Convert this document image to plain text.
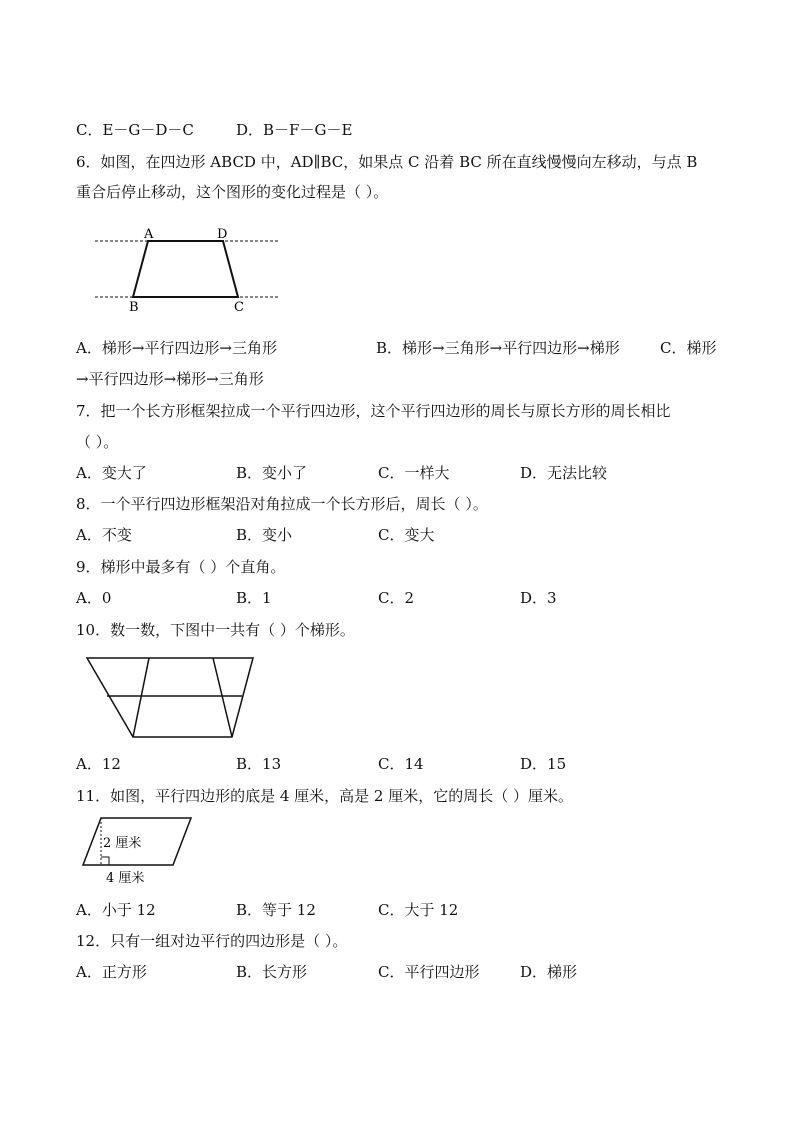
C．E－G－D－C	D．B－F－G－E
6．如图，在四边形 ABCD 中，AD∥BC，如果点 C 沿着 BC 所在直线慢慢向左移动，与点 B
重合后停止移动，这个图形的变化过程是（ ）。
A	D
B	C
A．梯形→平行四边形→三角形	B．梯形→三角形→平行四边形→梯形	C．梯形
→平行四边形→梯形→三角形
7．把一个长方形框架拉成一个平行四边形，这个平行四边形的周长与原长方形的周长相比
（ ）。
A．变大了	B．变小了	C．一样大	D．无法比较
8．一个平行四边形框架沿对角拉成一个长方形后，周长（ ）。
A．不变	B．变小	C．变大
9．梯形中最多有（ ）个直角。
A．0	B．1	C．2	D．3
10．数一数，下图中一共有（ ）个梯形。
A．12	B．13	C．14	D．15
11．如图，平行四边形的底是 4 厘米，高是 2 厘米，它的周长（ ）厘米。
2 厘米
4 厘米
A．小于 12	B．等于 12	C．大于 12
12．只有一组对边平行的四边形是（ ）。
A．正方形	B．长方形	C．平行四边形	D．梯形
